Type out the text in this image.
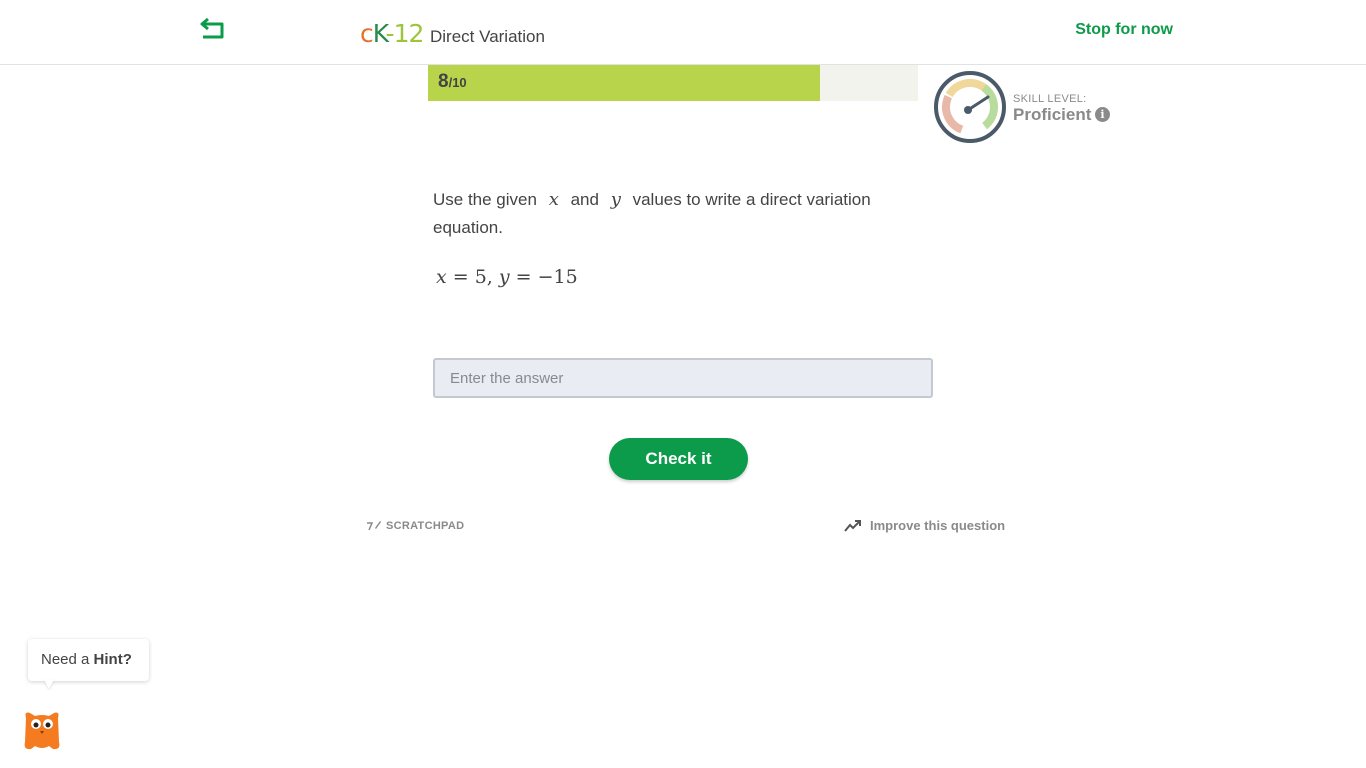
cK-12 Direct Variation	Stop for now
8/10
SKILL LEVEL:
Proficient i
Use the given x and y values to write a direct variation equation.
x = 5, y = −15
Enter the answer
Check it
SCRATCHPAD	Improve this question
Need a Hint?
